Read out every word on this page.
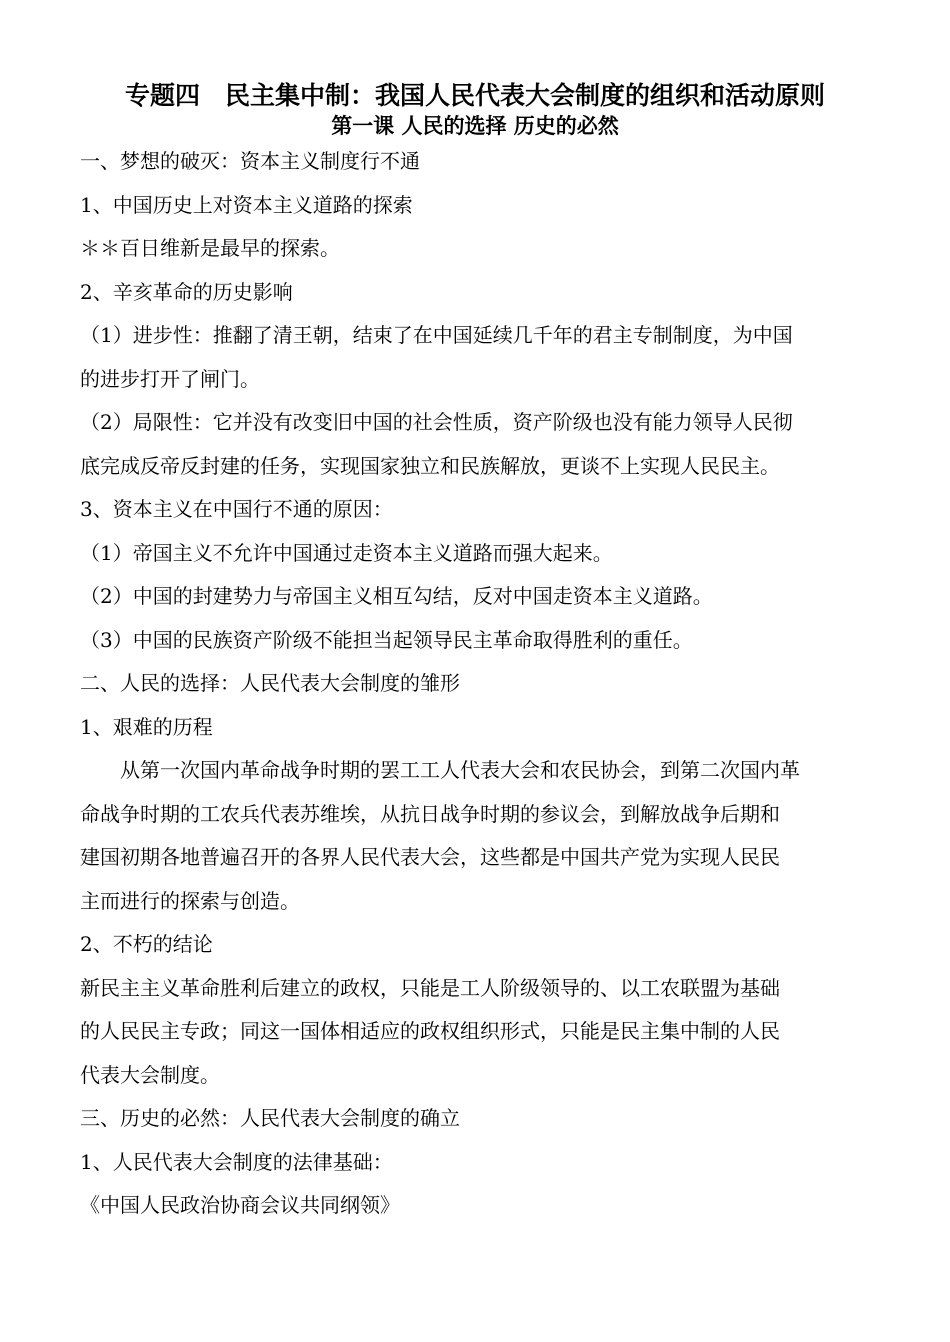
专题四　民主集中制：我国人民代表大会制度的组织和活动原则
第一课 人民的选择 历史的必然

一、梦想的破灭：资本主义制度行不通

1、中国历史上对资本主义道路的探索

＊＊百日维新是最早的探索。

2、辛亥革命的历史影响

（1）进步性：推翻了清王朝，结束了在中国延续几千年的君主专制制度，为中国

的进步打开了闸门。

（2）局限性：它并没有改变旧中国的社会性质，资产阶级也没有能力领导人民彻

底完成反帝反封建的任务，实现国家独立和民族解放，更谈不上实现人民民主。

3、资本主义在中国行不通的原因：

（1）帝国主义不允许中国通过走资本主义道路而强大起来。

（2）中国的封建势力与帝国主义相互勾结，反对中国走资本主义道路。

（3）中国的民族资产阶级不能担当起领导民主革命取得胜利的重任。

二、人民的选择：人民代表大会制度的雏形

1、艰难的历程

　　从第一次国内革命战争时期的罢工工人代表大会和农民协会，到第二次国内革

命战争时期的工农兵代表苏维埃，从抗日战争时期的参议会，到解放战争后期和

建国初期各地普遍召开的各界人民代表大会，这些都是中国共产党为实现人民民

主而进行的探索与创造。

2、不朽的结论

新民主主义革命胜利后建立的政权，只能是工人阶级领导的、以工农联盟为基础

的人民民主专政；同这一国体相适应的政权组织形式，只能是民主集中制的人民

代表大会制度。

三、历史的必然：人民代表大会制度的确立

1、人民代表大会制度的法律基础：

《中国人民政治协商会议共同纲领》
